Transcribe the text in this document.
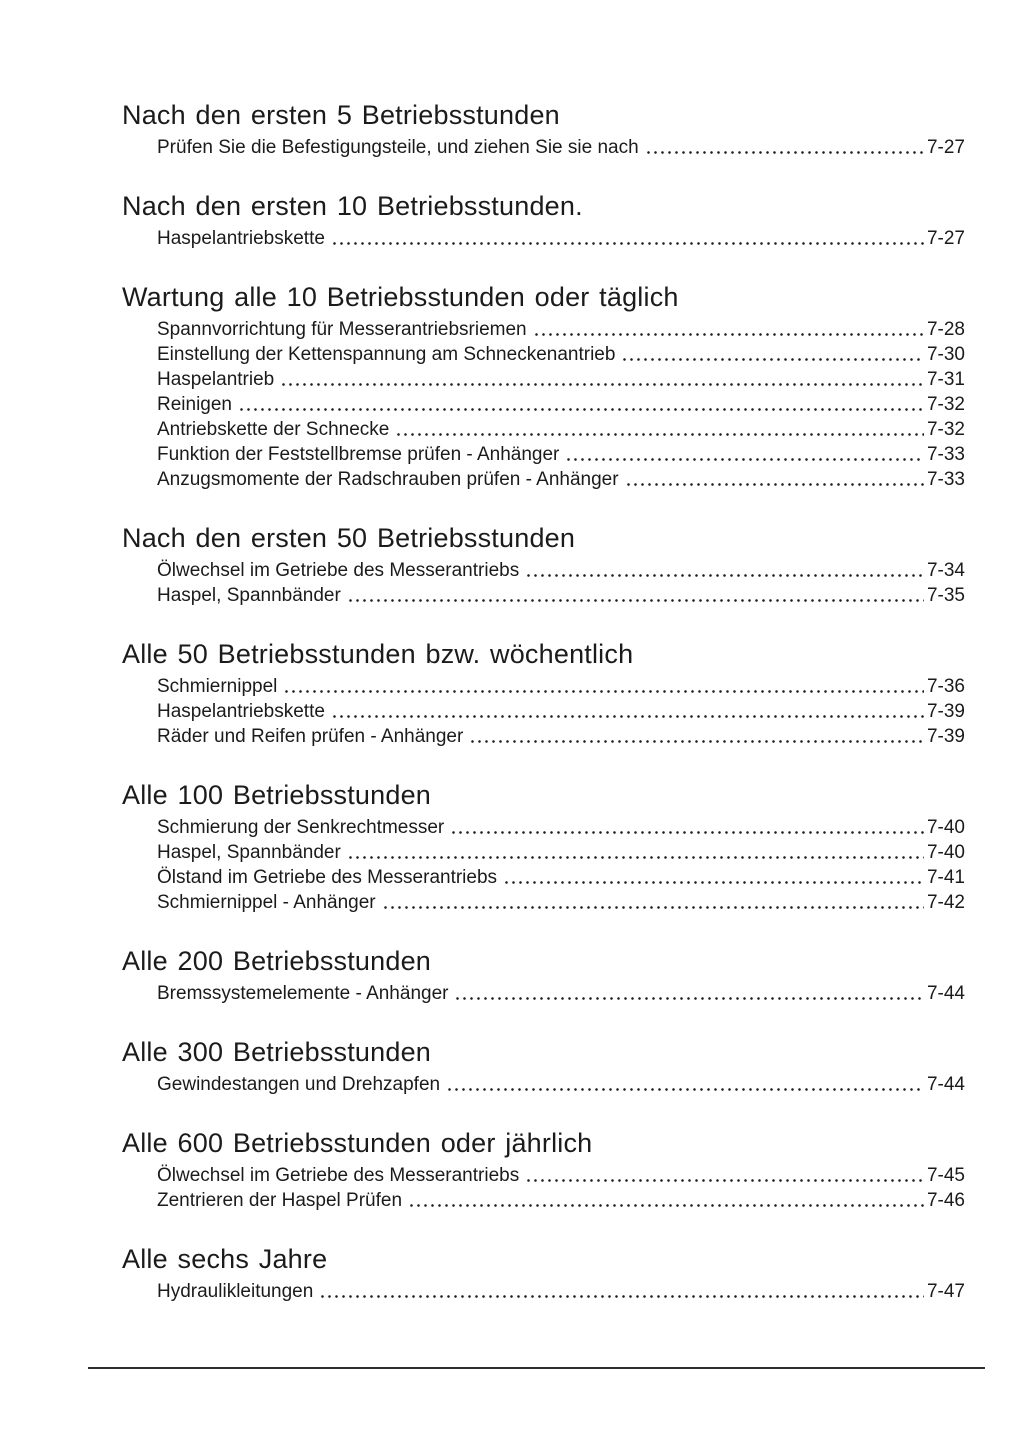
Nach den ersten 5 Betriebsstunden
Prüfen Sie die Befestigungsteile, und ziehen Sie sie nach	7-27
Nach den ersten 10 Betriebsstunden.
Haspelantriebskette	7-27
Wartung alle 10 Betriebsstunden oder täglich
Spannvorrichtung für Messerantriebsriemen	7-28
Einstellung der Kettenspannung am Schneckenantrieb	7-30
Haspelantrieb	7-31
Reinigen	7-32
Antriebskette der Schnecke	7-32
Funktion der Feststellbremse prüfen - Anhänger	7-33
Anzugsmomente der Radschrauben prüfen - Anhänger	7-33
Nach den ersten 50 Betriebsstunden
Ölwechsel im Getriebe des Messerantriebs	7-34
Haspel, Spannbänder	7-35
Alle 50 Betriebsstunden bzw. wöchentlich
Schmiernippel	7-36
Haspelantriebskette	7-39
Räder und Reifen prüfen - Anhänger	7-39
Alle 100 Betriebsstunden
Schmierung der Senkrechtmesser	7-40
Haspel, Spannbänder	7-40
Ölstand im Getriebe des Messerantriebs	7-41
Schmiernippel - Anhänger	7-42
Alle 200 Betriebsstunden
Bremssystemelemente - Anhänger	7-44
Alle 300 Betriebsstunden
Gewindestangen und Drehzapfen	7-44
Alle 600 Betriebsstunden oder jährlich
Ölwechsel im Getriebe des Messerantriebs	7-45
Zentrieren der Haspel Prüfen	7-46
Alle sechs Jahre
Hydraulikleitungen	7-47
